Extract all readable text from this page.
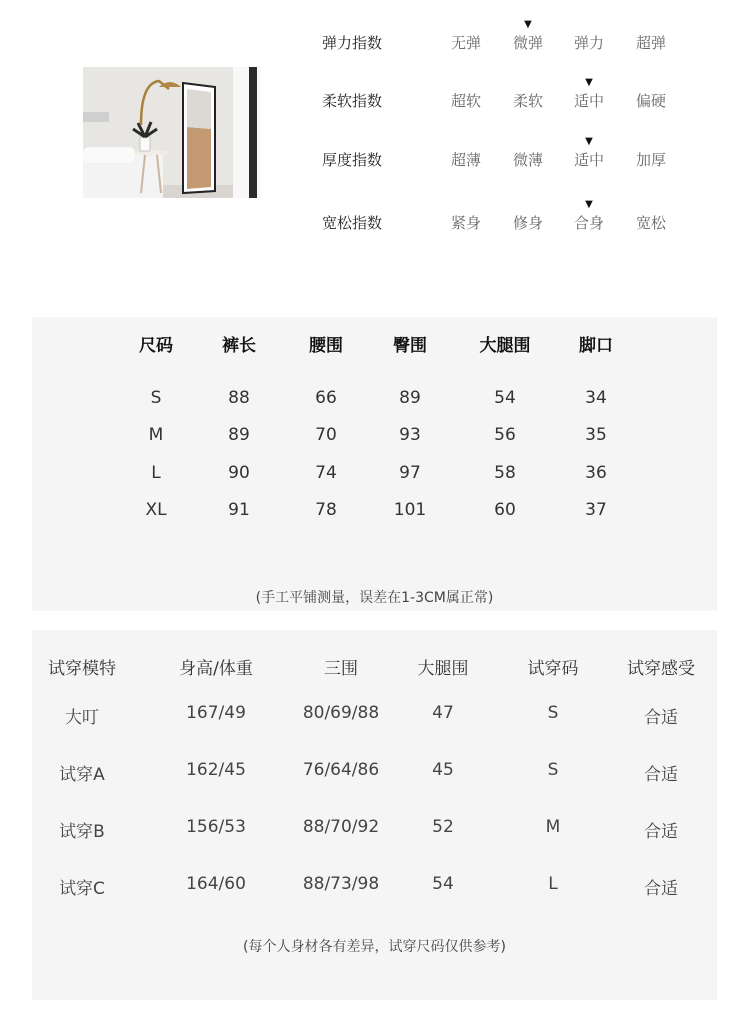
弹力指数	无弹	微弹	弹力	超弹
▼
柔软指数	超软	柔软	适中	偏硬
▼
厚度指数	超薄	微薄	适中	加厚
▼
宽松指数	紧身	修身	合身	宽松
▼
尺码	裤长	腰围	臀围	大腿围	脚口
S	88	66	89	54	34
M	89	70	93	56	35
L	90	74	97	58	36
XL	91	78	101	60	37
(手工平铺测量，误差在1-3CM属正常)
试穿模特	身高/体重	三围	大腿围	试穿码	试穿感受
大叮	167/49	80/69/88	47	S	合适
试穿A	162/45	76/64/86	45	S	合适
试穿B	156/53	88/70/92	52	M	合适
试穿C	164/60	88/73/98	54	L	合适
(每个人身材各有差异，试穿尺码仅供参考)
